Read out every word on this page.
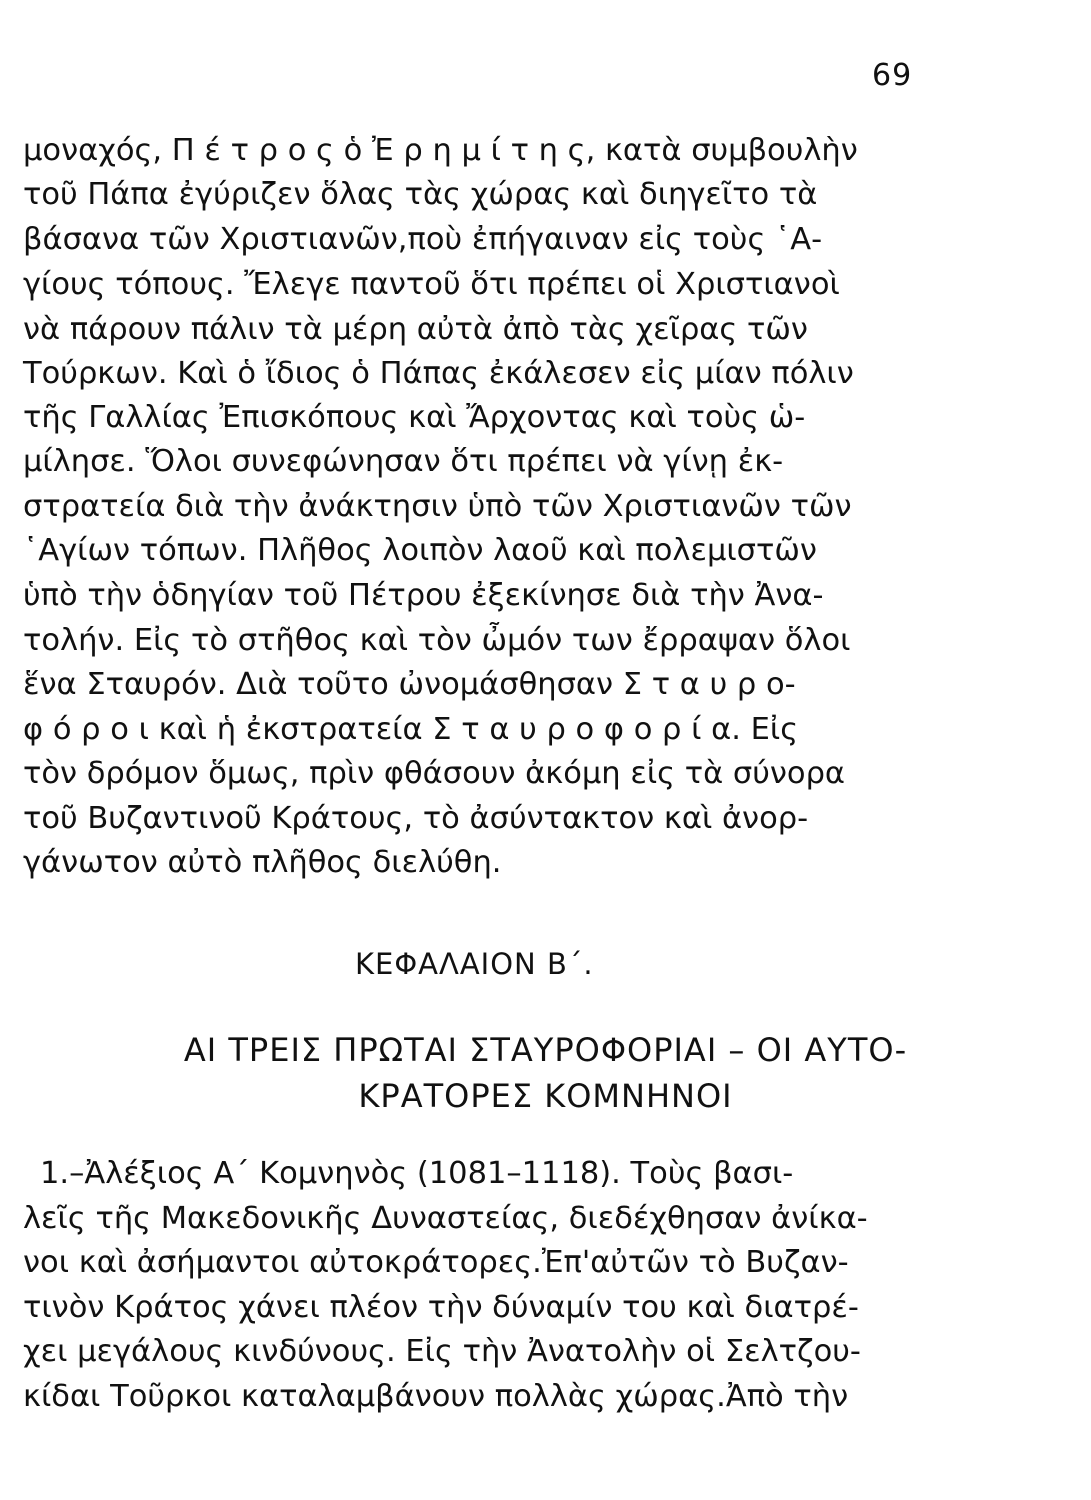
69
μοναχός, Π έ τ ρ ο ς ὁ Ἐ ρ η μ ί τ η ς, κατὰ συμβουλὴν
τοῦ Πάπα ἐγύριζεν ὅλας τὰς χώρας καὶ διηγεῖτο τὰ
βάσανα τῶν Χριστιανῶν,ποὺ ἐπήγαιναν εἰς τοὺς ῾Α-
γίους τόπους. Ἔλεγε παντοῦ ὅτι πρέπει οἱ Χριστιανοὶ
νὰ πάρουν πάλιν τὰ μέρη αὐτὰ ἀπὸ τὰς χεῖρας τῶν
Τούρκων. Καὶ ὁ ἴδιος ὁ Πάπας ἐκάλεσεν εἰς μίαν πόλιν
τῆς Γαλλίας Ἐπισκόπους καὶ Ἄρχοντας καὶ τοὺς ὡ-
μίλησε. Ὅλοι συνεφώνησαν ὅτι πρέπει νὰ γίνῃ ἐκ-
στρατεία διὰ τὴν ἀνάκτησιν ὑπὸ τῶν Χριστιανῶν τῶν
῾Αγίων τόπων. Πλῆθος λοιπὸν λαοῦ καὶ πολεμιστῶν
ὑπὸ τὴν ὁδηγίαν τοῦ Πέτρου ἐξεκίνησε διὰ τὴν Ἀνα-
τολήν. Εἰς τὸ στῆθος καὶ τὸν ὦμόν των ἔρραψαν ὅλοι
ἕνα Σταυρόν. Διὰ τοῦτο ὠνομάσθησαν Σ τ α υ ρ ο-
φ ό ρ ο ι καὶ ἡ ἐκστρατεία Σ τ α υ ρ ο φ ο ρ ί α. Εἰς
τὸν δρόμον ὅμως, πρὶν φθάσουν ἀκόμη εἰς τὰ σύνορα
τοῦ Βυζαντινοῦ Κράτους, τὸ ἀσύντακτον καὶ ἀνορ-
γάνωτον αὐτὸ πλῆθος διελύθη.
ΚΕΦΑΛΑΙΟΝ Β΄.
ΑΙ ΤΡΕΙΣ ΠΡΩΤΑΙ ΣΤΑΥΡΟΦΟΡΙΑΙ – ΟΙ ΑΥΤΟ-
ΚΡΑΤΟΡΕΣ ΚΟΜΝΗΝΟΙ
1.–Ἀλέξιος Α΄ Κομνηνὸς (1081–1118). Τοὺς βασι-
λεῖς τῆς Μακεδονικῆς Δυναστείας, διεδέχθησαν ἀνίκα-
νοι καὶ ἀσήμαντοι αὐτοκράτορες.Ἐπ'αὐτῶν τὸ Βυζαν-
τινὸν Κράτος χάνει πλέον τὴν δύναμίν του καὶ διατρέ-
χει μεγάλους κινδύνους. Εἰς τὴν Ἀνατολὴν οἱ Σελτζου-
κίδαι Τοῦρκοι καταλαμβάνουν πολλὰς χώρας.Ἀπὸ τὴν
